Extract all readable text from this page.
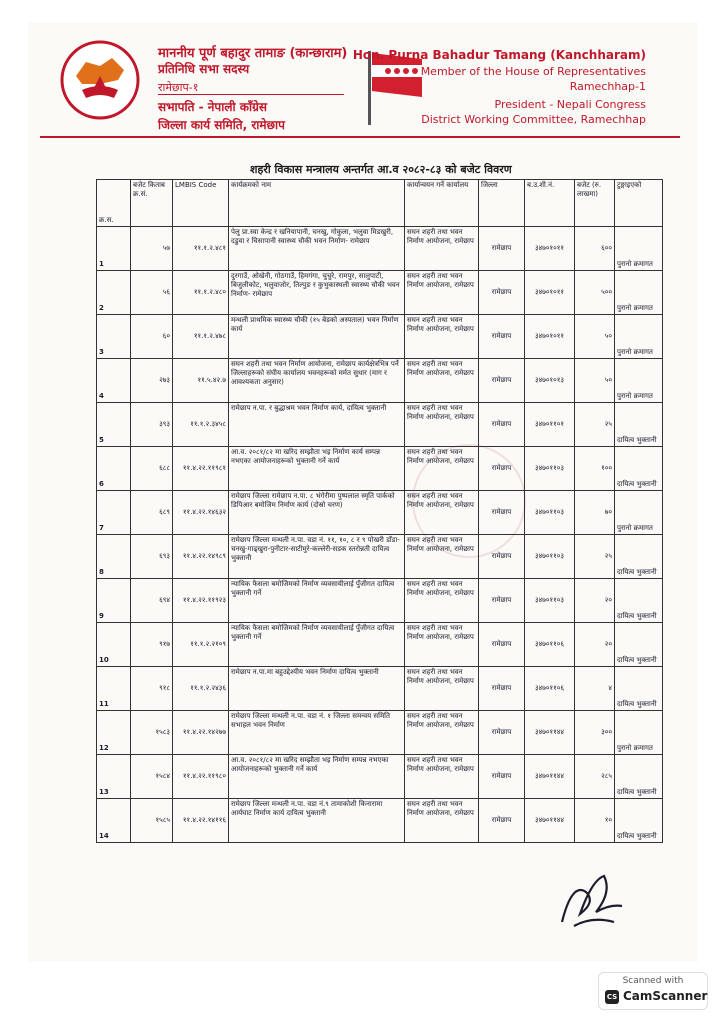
माननीय पूर्ण बहादुर तामाङ (कान्छाराम)
प्रतिनिधि सभा सदस्य
रामेछाप-१
सभापति - नेपाली काँग्रेस
जिल्ला कार्य समिति, रामेछाप
Hon. Purna Bahadur Tamang (Kanchharam)
Member of the House of Representatives
Ramechhap-1
President - Nepali Congress
District Working Committee, Ramechhap
शहरी विकास मन्त्रालय अन्तर्गत आ.व २०८२-८३ को बजेट विवरण
क्र.स.	बजेट किताब क्र.सं.	LMBIS Code	कार्यक्रमको नाम	कार्यान्वयन गर्ने कार्यालय	जिल्ला	ब.उ.शी.नं.	बजेट (रु. लाखमा)	टुङ्गाइएको
1	५७	११.१.२.४८१	पेलु प्रा.स्वा केन्द्र र खनियापानी, चनखु, गोकुला, भलुवा मिडखुरी, दडुवा र चिसापानी स्वास्थ्य चौकी भवन निर्माण- रामेछाप	सघन शहरी तथा भवन निर्माण आयोजना, रामेछाप	रामेछाप	३४७०१०११	६००	पुरानो क्रमागत
2	५६	११.१.२.४८०	दुरगाउँ, ओखेनी, गोठगाउँ, हिमगंगा, चुचुरे, रामपुर, सालुपाटी, बिजुलीकोट, भलुवाजोर, तिल्पुङ र कुभुकास्थली स्वास्थ्य चौकी भवन निर्माण- रामेछाप	सघन शहरी तथा भवन निर्माण आयोजना, रामेछाप	रामेछाप	३४७०१०११	५००	पुरानो क्रमागत
3	६०	११.१.२.४७८	मन्थली प्राथमिक स्वास्थ्य चौकी (१५ बेडको अस्पताल) भवन निर्माण कार्य	सघन शहरी तथा भवन निर्माण आयोजना, रामेछाप	रामेछाप	३४७०१०११	५०	पुरानो क्रमागत
4	२७३	११.५.४२.७	सघन शहरी तथा भवन निर्माण आयोजना, रामेछाप कार्यक्षेत्रभित्र पर्ने जिल्लाहरूको संघीय कार्यालय भवनहरूको मर्मत सुधार (माग र आवश्यकता अनुसार)	सघन शहरी तथा भवन निर्माण आयोजना, रामेछाप	रामेछाप	३४७०१०१३	५०	पुरानो क्रमागत
5	३९३	११.१.२.३४५८	रामेछाप न.पा. र बुद्धाश्रम भवन निर्माण कार्य, दायित्व भुक्तानी	सघन शहरी तथा भवन निर्माण आयोजना, रामेछाप	रामेछाप	३४७०११०१	२५	दायित्व भुक्तानी
6	६८८	११.४.२२.११९८१	आ.व. २०८१/८२ मा खरिद सम्झौता भइ निर्माण कार्य सम्पन्न नभएका आयोजनाहरूको भुक्तानी गर्ने कार्य	सघन शहरी तथा भवन निर्माण आयोजना, रामेछाप	रामेछाप	३४७०११०३	१००	दायित्व भुक्तानी
7	६८९	११.४.२२.१४६३२	रामेछाप जिल्ला रामेछाप न.पा. ८ भंगेरीमा पुष्पलाल स्मृति पार्कको डिपिआर बमोजिम निर्माण कार्य (दोस्रो चरण)	सघन शहरी तथा भवन निर्माण आयोजना, रामेछाप	रामेछाप	३४७०११०३	७०	पुरानो क्रमागत
8	६९३	११.४.२२.१४९८९	रामेछाप जिल्ला मन्थली न.पा. वडा नं. ११, १०, ८ र ९ पोखरी डाँडा-चनखु-गाढ्खुरा-पुनीटार-साटीमुरे-कल्लेरी-सडक स्तरोन्नती दायित्व भुक्तानी	सघन शहरी तथा भवन निर्माण आयोजना, रामेछाप	रामेछाप	३४७०११०३	२५	दायित्व भुक्तानी
9	६९४	११.४.२२.११९२३	न्यायिक फैसला बमोजिमको निर्माण व्यवसायीलाई पुँजीगत दायित्व भुक्तानी गर्ने	सघन शहरी तथा भवन निर्माण आयोजना, रामेछाप	रामेछाप	३४७०११०३	२०	दायित्व भुक्तानी
10	९१७	११.१.२.२१०९	न्यायिक फैसला बमोजिमको निर्माण व्यवसायीलाई पुँजीगत दायित्व भुक्तानी गर्ने	सघन शहरी तथा भवन निर्माण आयोजना, रामेछाप	रामेछाप	३४७०११०६	२०	दायित्व भुक्तानी
11	९१८	११.१.२.२४३६	रामेछाप न.पा.मा बहुउद्देश्यीय भवन निर्माण दायित्व भुक्तानी	सघन शहरी तथा भवन निर्माण आयोजना, रामेछाप	रामेछाप	३४७०११०६	४	दायित्व भुक्तानी
12	१५८३	११.४.२२.१४२७७	रामेछाप जिल्ला मन्थली न.पा. वडा नं. १ जिल्ला समन्वय समिति सभाहल भवन निर्माण	सघन शहरी तथा भवन निर्माण आयोजना, रामेछाप	रामेछाप	३४७०११४४	३००	पुरानो क्रमागत
13	१५८४	११.४.२२.११९८०	आ.व. २०८१/८२ मा खरिद सम्झौता भइ निर्माण सम्पन्न नभएका आयोजनाहरूको भुक्तानी गर्ने कार्य	सघन शहरी तथा भवन निर्माण आयोजना, रामेछाप	रामेछाप	३४७०११४४	२८५	दायित्व भुक्तानी
14	१५८५	११.४.२२.१४११६	रामेछाप जिल्ला मन्थली न.पा. वडा नं.९ तामाकोशी किनारामा आर्यघाट निर्माण कार्य दायित्व भुक्तानी	सघन शहरी तथा भवन निर्माण आयोजना, रामेछाप	रामेछाप	३४७०११४४	१०	दायित्व भुक्तानी
Scanned with
CS CamScanner
